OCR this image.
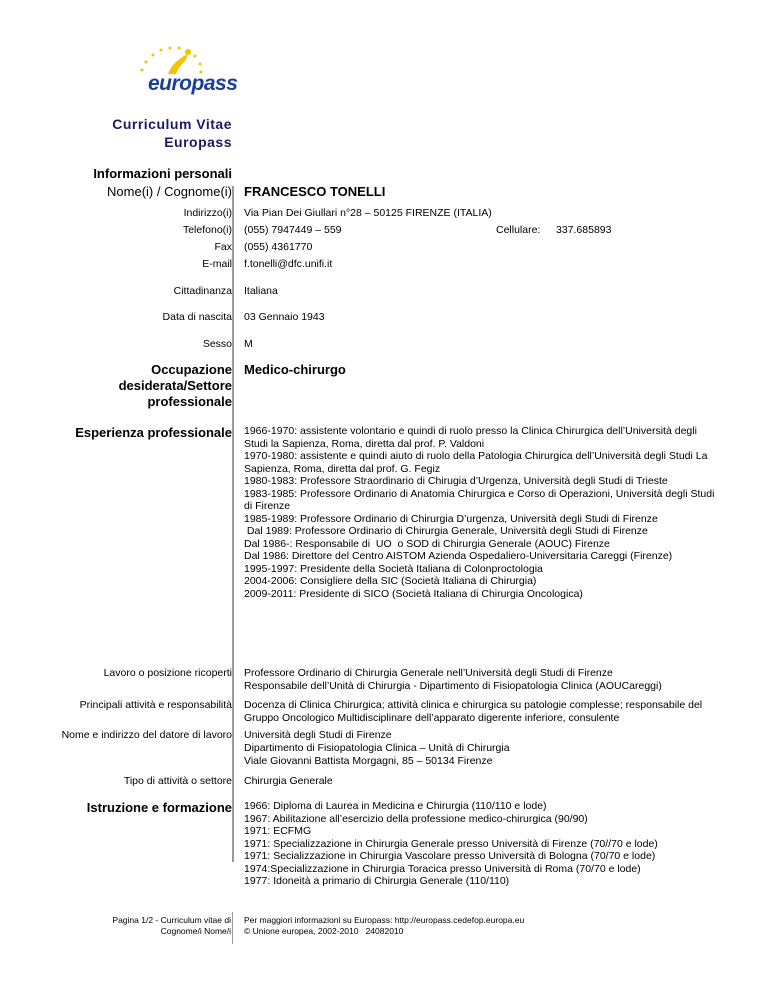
europass
Curriculum Vitae
Europass
Informazioni personali
Nome(i) / Cognome(i) FRANCESCO TONELLI
Indirizzo(i) Via Pian Dei Giullari n°28 – 50125 FIRENZE (ITALIA)
Telefono(i) (055) 7947449 – 559	Cellulare: 337.685893
Fax (055) 4361770
E-mail f.tonelli@dfc.unifi.it
Cittadinanza Italiana
Data di nascita 03 Gennaio 1943
Sesso M
Occupazione
desiderata/Settore
professionale
Medico-chirurgo
Esperienza professionale 1966-1970: assistente volontario e quindi di ruolo presso la Clinica Chirurgica dell’Università degli
Studi la Sapienza, Roma, diretta dal prof. P. Valdoni
1970-1980: assistente e quindi aiuto di ruolo della Patologia Chirurgica dell’Università degli Studi La
Sapienza, Roma, diretta dal prof. G. Fegiz
1980-1983: Professore Straordinario di Chirugia d’Urgenza, Università degli Studi di Trieste
1983-1985: Professore Ordinario di Anatomia Chirurgica e Corso di Operazioni, Università degli Studi
di Firenze
1985-1989: Professore Ordinario di Chirurgia D’urgenza, Università degli Studi di Firenze
Dal 1989: Professore Ordinario di Chirurgia Generale, Università degli Studi di Firenze
Dal 1986-: Responsabile di  UO  o SOD di Chirurgia Generale (AOUC) Firenze
Dal 1986: Direttore del Centro AISTOM Azienda Ospedaliero-Universitaria Careggi (Firenze)
1995-1997: Presidente della Società Italiana di Colonproctologia
2004-2006: Consigliere della SIC (Società Italiana di Chirurgia)
2009-2011: Presidente di SICO (Società Italiana di Chirurgia Oncologica)
Lavoro o posizione ricoperti Professore Ordinario di Chirurgia Generale nell’Università degli Studi di Firenze
Responsabile dell’Unità di Chirurgia - Dipartimento di Fisiopatologia Clinica (AOUCareggi)
Principali attività e responsabilità Docenza di Clinica Chirurgica; attività clinica e chirurgica su patologie complesse; responsabile del
Gruppo Oncologico Multidisciplinare dell’apparato digerente inferiore, consulente
Nome e indirizzo del datore di lavoro Università degli Studi di Firenze
Dipartimento di Fisiopatologia Clinica – Unità di Chirurgia
Viale Giovanni Battista Morgagni, 85 – 50134 Firenze
Tipo di attività o settore Chirurgia Generale
Istruzione e formazione 1966: Diploma di Laurea in Medicina e Chirurgia (110/110 e lode)
1967: Abilitazione all’esercizio della professione medico-chirurgica (90/90)
1971: ECFMG
1971: Specializzazione in Chirurgia Generale presso Università di Firenze (70//70 e lode)
1971: Secializzazione in Chirurgia Vascolare presso Università di Bologna (70/70 e lode)
1974:Specializzazione in Chirurgia Toracica presso Università di Roma (70/70 e lode)
1977: Idoneità a primario di Chirurgia Generale (110/110)
Pagina 1/2 - Curriculum vitae di
Cognome/i Nome/i
Per maggiori informazioni su Europass: http://europass.cedefop.europa.eu
© Unione europea, 2002-2010   24082010
